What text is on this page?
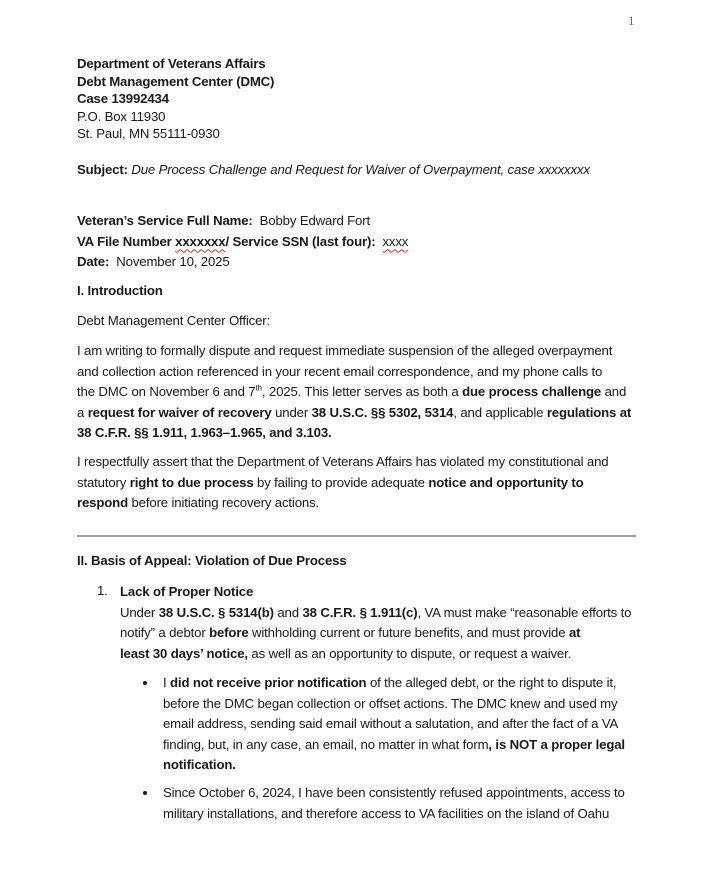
1
Department of Veterans Affairs
Debt Management Center (DMC)
Case 13992434
P.O. Box 11930
St. Paul, MN 55111-0930
Subject: Due Process Challenge and Request for Waiver of Overpayment, case xxxxxxxx
Veteran’s Service Full Name: Bobby Edward Fort
VA File Number xxxxxxx/ Service SSN (last four): xxxx
Date: November 10, 2025
I. Introduction
Debt Management Center Officer:
I am writing to formally dispute and request immediate suspension of the alleged overpayment
and collection action referenced in your recent email correspondence, and my phone calls to
the DMC on November 6 and 7th, 2025. This letter serves as both a due process challenge and
a request for waiver of recovery under 38 U.S.C. §§ 5302, 5314, and applicable regulations at
38 C.F.R. §§ 1.911, 1.963–1.965, and 3.103.
I respectfully assert that the Department of Veterans Affairs has violated my constitutional and
statutory right to due process by failing to provide adequate notice and opportunity to
respond before initiating recovery actions.
II. Basis of Appeal: Violation of Due Process
1. Lack of Proper Notice
Under 38 U.S.C. § 5314(b) and 38 C.F.R. § 1.911(c), VA must make “reasonable efforts to
notify” a debtor before withholding current or future benefits, and must provide at
least 30 days’ notice, as well as an opportunity to dispute, or request a waiver.
I did not receive prior notification of the alleged debt, or the right to dispute it,
before the DMC began collection or offset actions. The DMC knew and used my
email address, sending said email without a salutation, and after the fact of a VA
finding, but, in any case, an email, no matter in what form, is NOT a proper legal
notification.
Since October 6, 2024, I have been consistently refused appointments, access to
military installations, and therefore access to VA facilities on the island of Oahu
